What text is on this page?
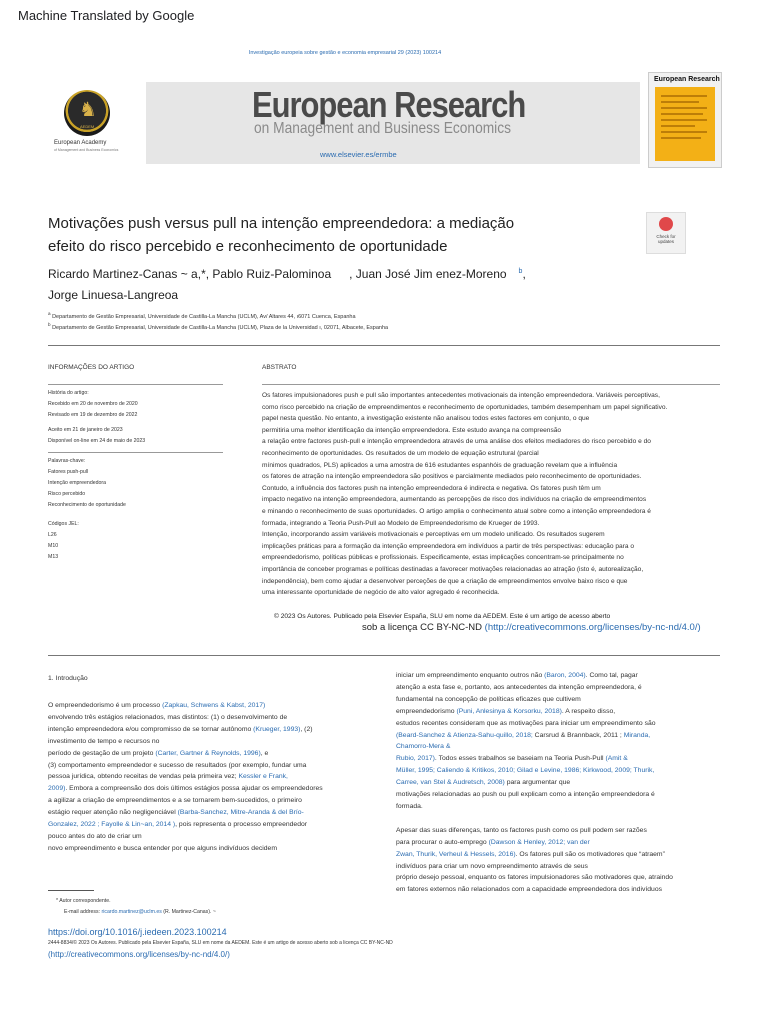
Machine Translated by Google
Investigação europeia sobre gestão e economia empresarial 29 (2023) 100214
♞
AEDEM
European Academy
of Management and Business Economics
European Research
on Management and Business Economics
www.elsevier.es/ermbe
European Research
Motivações push versus pull na intenção empreendedora: a mediação
efeito do risco percebido e reconhecimento de oportunidade
Check for
updates
Ricardo Martinez-Canas ~ a,*, Pablo Ruiz-Palominoa , Juan José Jim enez-Moreno $^b$,
Jorge Linuesa-Langreoa
$^a$ Departamento de Gestão Empresarial, Universidade de Castilla-La Mancha (UCLM), Av/ Altares 44, ı6071 Cuenca, Espanha
$^b$ Departamento de Gestão Empresarial, Universidade de Castilla-La Mancha (UCLM), Plaza de la Universidad ı, 02071, Albacete, Espanha
INFORMAÇÕES DO ARTIGO
História do artigo:
Recebido em 20 de novembro de 2020
Revisado em 19 de dezembro de 2022
Aceito em 21 de janeiro de 2023
Disponível on-line em 24 de maio de 2023
Palavras-chave:
Fatores push-pull
Intenção empreendedora
Risco percebido
Reconhecimento de oportunidade
Códigos JEL:
L26
M10
M13
ABSTRATO
Os fatores impulsionadores push e pull são importantes antecedentes motivacionais da intenção empreendedora. Variáveis perceptivas,
como risco percebido na criação de empreendimentos e reconhecimento de oportunidades, também desempenham um papel significativo.
papel nesta questão. No entanto, a investigação existente não analisou todos estes factores em conjunto, o que
permitiria uma melhor identificação da intenção empreendedora. Este estudo avança na compreensão
a relação entre factores push-pull e intenção empreendedora através de uma análise dos efeitos mediadores do risco percebido e do
reconhecimento de oportunidades. Os resultados de um modelo de equação estrutural (parcial
mínimos quadrados, PLS) aplicados a uma amostra de 616 estudantes espanhóis de graduação revelam que a influência
os fatores de atração na intenção empreendedora são positivos e parcialmente mediados pelo reconhecimento de oportunidades.
Contudo, a influência dos factores push na intenção empreendedora é indirecta e negativa. Os fatores push têm um
impacto negativo na intenção empreendedora, aumentando as percepções de risco dos indivíduos na criação de empreendimentos
e minando o reconhecimento de suas oportunidades. O artigo amplia o conhecimento atual sobre como a intenção empreendedora é
formada, integrando a Teoria Push-Pull ao Modelo de Empreendedorismo de Krueger de 1993.
Intenção, incorporando assim variáveis motivacionais e perceptivas em um modelo unificado. Os resultados sugerem
implicações práticas para a formação da intenção empreendedora em indivíduos a partir de três perspectivas: educação para o
empreendedorismo, políticas públicas e profissionais. Especificamente, estas implicações concentram-se principalmente no
importância de conceber programas e políticas destinadas a favorecer motivações relacionadas ao atração (isto é, autorealização,
independência), bem como ajudar a desenvolver perceções de que a criação de empreendimentos envolve baixo risco e que
uma interessante oportunidade de negócio de alto valor agregado é reconhecida.
© 2023 Os Autores. Publicado pela Elsevier España, SLU em nome da AEDEM. Este é um artigo de acesso aberto
sob a licença CC BY-NC-ND (http://creativecommons.org/licenses/by-nc-nd/4.0/)
1. Introdução
O empreendedorismo é um processo (Zapkau, Schwens & Kabst, 2017)
envolvendo três estágios relacionados, mas distintos: (1) o desenvolvimento de
intenção empreendedora e/ou compromisso de se tornar autônomo (Krueger, 1993), (2)
investimento de tempo e recursos no
período de gestação de um projeto (Carter, Gartner & Reynolds, 1996), e
(3) comportamento empreendedor e sucesso de resultados (por exemplo, fundar uma
pessoa jurídica, obtendo receitas de vendas pela primeira vez; Kessler e Frank,
2009). Embora a compreensão dos dois últimos estágios possa ajudar os empreendedores
a agilizar a criação de empreendimentos e a se tornarem bem-sucedidos, o primeiro
estágio requer atenção não negligenciável (Barba-Sanchez, Mitre-Aranda & del Brío-
Gonzalez, 2022 ; Fayolle & Lin~an, 2014 ), pois representa o processo empreendedor
pouco antes do ato de criar um
novo empreendimento e busca entender por que alguns indivíduos decidem
iniciar um empreendimento enquanto outros não (Baron, 2004). Como tal, pagar
atenção a esta fase e, portanto, aos antecedentes da intenção empreendedora, é
fundamental na concepção de políticas eficazes que cultivem
empreendedorismo (Puni, Anlesinya & Korsorku, 2018). A respeito disso,
estudos recentes consideram que as motivações para iniciar um empreendimento são
(Beard-Sanchez & Atienza-Sahu-quillo, 2018; Carsrud & Brannback, 2011 ; Miranda,
Chamorro-Mera &
Rubio, 2017). Todos esses trabalhos se baseiam na Teoria Push-Pull (Amit &
Müller, 1995; Caliendo & Kritikos, 2010; Gilad e Levine, 1986; Kirkwood, 2009; Thurik,
Carree, van Stel & Audretsch, 2008) para argumentar que
motivações relacionadas ao push ou pull explicam como a intenção empreendedora é
formada.

Apesar das suas diferenças, tanto os factores push como os pull podem ser razões
para procurar o auto-emprego (Dawson & Henley, 2012; van der
Zwan, Thurik, Verheul & Hessels, 2016). Os fatores pull são os motivadores que “atraem”
indivíduos para criar um novo empreendimento através de seus
próprio desejo pessoal, enquanto os fatores impulsionadores são motivadores que, atraindo
em fatores externos não relacionados com a capacidade empreendedora dos indivíduos
* Autor correspondente.
E-mail address: ricardo.martinez@uclm.es (R. Martinez-Canas). ~
https://doi.org/10.1016/j.iedeen.2023.100214
2444-8834/© 2023 Os Autores. Publicado pela Elsevier España, SLU em nome da AEDEM. Este é um artigo de acesso aberto sob a licença CC BY-NC-ND
(http://creativecommons.org/licenses/by-nc-nd/4.0/)
